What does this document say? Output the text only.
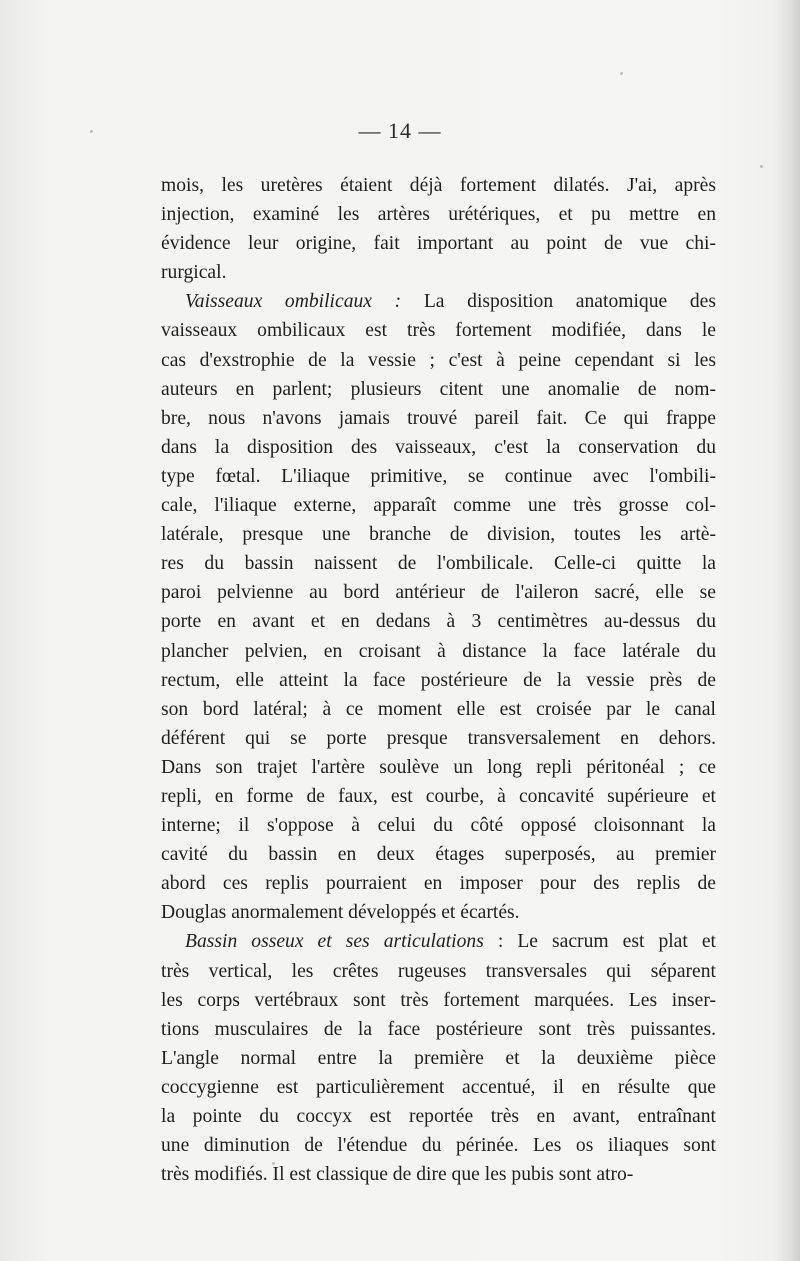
— 14 —
mois, les uretères étaient déjà fortement dilatés. J'ai, après
injection, examiné les artères urétériques, et pu mettre en
évidence leur origine, fait important au point de vue chi-
rurgical.
Vaisseaux ombilicaux : La disposition anatomique des
vaisseaux ombilicaux est très fortement modifiée, dans le
cas d'exstrophie de la vessie ; c'est à peine cependant si les
auteurs en parlent; plusieurs citent une anomalie de nom-
bre, nous n'avons jamais trouvé pareil fait. Ce qui frappe
dans la disposition des vaisseaux, c'est la conservation du
type fœtal. L'iliaque primitive, se continue avec l'ombili-
cale, l'iliaque externe, apparaît comme une très grosse col-
latérale, presque une branche de division, toutes les artè-
res du bassin naissent de l'ombilicale. Celle-ci quitte la
paroi pelvienne au bord antérieur de l'aileron sacré, elle se
porte en avant et en dedans à 3 centimètres au-dessus du
plancher pelvien, en croisant à distance la face latérale du
rectum, elle atteint la face postérieure de la vessie près de
son bord latéral; à ce moment elle est croisée par le canal
déférent qui se porte presque transversalement en dehors.
Dans son trajet l'artère soulève un long repli péritonéal ; ce
repli, en forme de faux, est courbe, à concavité supérieure et
interne; il s'oppose à celui du côté opposé cloisonnant la
cavité du bassin en deux étages superposés, au premier
abord ces replis pourraient en imposer pour des replis de
Douglas anormalement développés et écartés.
Bassin osseux et ses articulations : Le sacrum est plat et
très vertical, les crêtes rugeuses transversales qui séparent
les corps vertébraux sont très fortement marquées. Les inser-
tions musculaires de la face postérieure sont très puissantes.
L'angle normal entre la première et la deuxième pièce
coccygienne est particulièrement accentué, il en résulte que
la pointe du coccyx est reportée très en avant, entraînant
une diminution de l'étendue du périnée. Les os iliaques sont
très modifiés. Il est classique de dire que les pubis sont atro-
